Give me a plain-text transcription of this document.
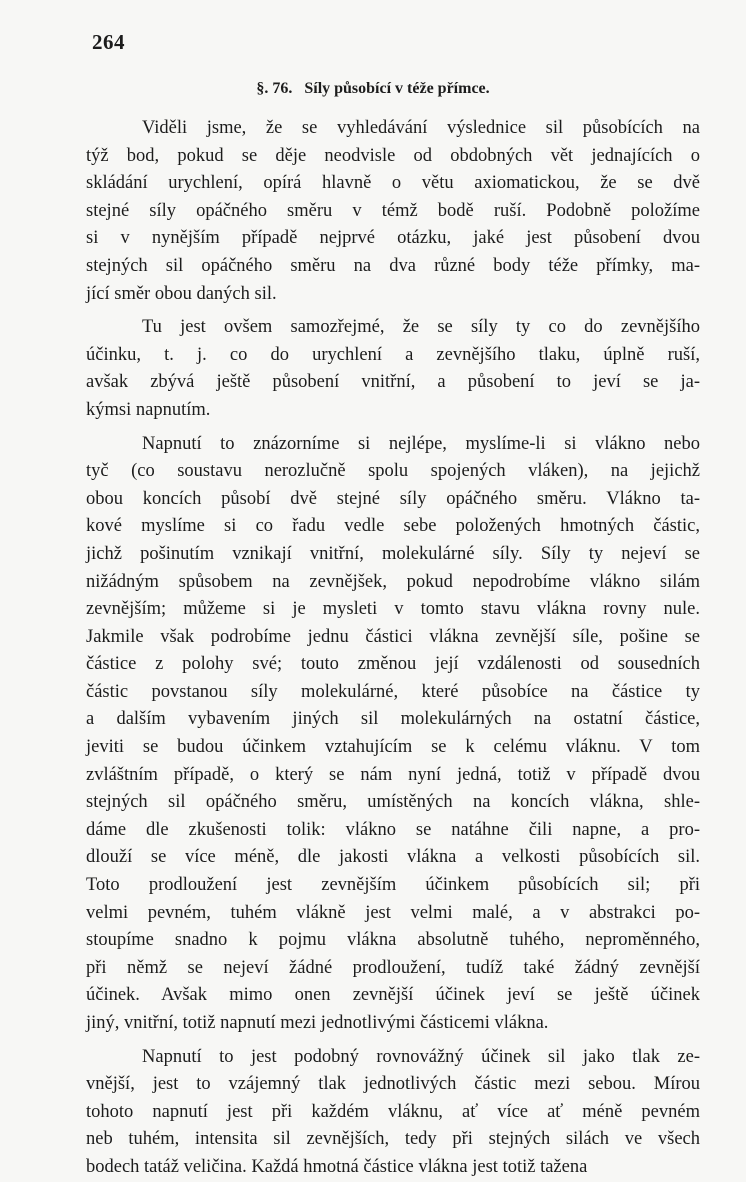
264
§. 76. Síly působící v téže přímce.
Viděli jsme, že se vyhledávání výslednice sil působících na
týž bod, pokud se děje neodvisle od obdobných vět jednajících o
skládání urychlení, opírá hlavně o větu axiomatickou, že se dvě
stejné síly opáčného směru v témž bodě ruší. Podobně položíme
si v nynějším případě nejprvé otázku, jaké jest působení dvou
stejných sil opáčného směru na dva různé body téže přímky, ma-
jící směr obou daných sil.
Tu jest ovšem samozřejmé, že se síly ty co do zevnějšího
účinku, t. j. co do urychlení a zevnějšího tlaku, úplně ruší,
avšak zbývá ještě působení vnitřní, a působení to jeví se ja-
kýmsi napnutím.
Napnutí to znázorníme si nejlépe, myslíme-li si vlákno nebo
tyč (co soustavu nerozlučně spolu spojených vláken), na jejichž
obou koncích působí dvě stejné síly opáčného směru. Vlákno ta-
kové myslíme si co řadu vedle sebe položených hmotných částic,
jichž pošinutím vznikají vnitřní, molekulárné síly. Síly ty nejeví se
nižádným spůsobem na zevnějšek, pokud nepodrobíme vlákno silám
zevnějším; můžeme si je mysleti v tomto stavu vlákna rovny nule.
Jakmile však podrobíme jednu částici vlákna zevnější síle, pošine se
částice z polohy své; touto změnou její vzdálenosti od sousedních
částic povstanou síly molekulárné, které působíce na částice ty
a dalším vybavením jiných sil molekulárných na ostatní částice,
jeviti se budou účinkem vztahujícím se k celému vláknu. V tom
zvláštním případě, o který se nám nyní jedná, totiž v případě dvou
stejných sil opáčného směru, umístěných na koncích vlákna, shle-
dáme dle zkušenosti tolik: vlákno se natáhne čili napne, a pro-
dlouží se více méně, dle jakosti vlákna a velkosti působících sil.
Toto prodloužení jest zevnějším účinkem působících sil; při
velmi pevném, tuhém vlákně jest velmi malé, a v abstrakci po-
stoupíme snadno k pojmu vlákna absolutně tuhého, neproměnného,
při němž se nejeví žádné prodloužení, tudíž také žádný zevnější
účinek. Avšak mimo onen zevnější účinek jeví se ještě účinek
jiný, vnitřní, totiž napnutí mezi jednotlivými částicemi vlákna.
Napnutí to jest podobný rovnovážný účinek sil jako tlak ze-
vnější, jest to vzájemný tlak jednotlivých částic mezi sebou. Mírou
tohoto napnutí jest při každém vláknu, ať více ať méně pevném
neb tuhém, intensita sil zevnějších, tedy při stejných silách ve všech
bodech tatáž veličina. Každá hmotná částice vlákna jest totiž tažena
